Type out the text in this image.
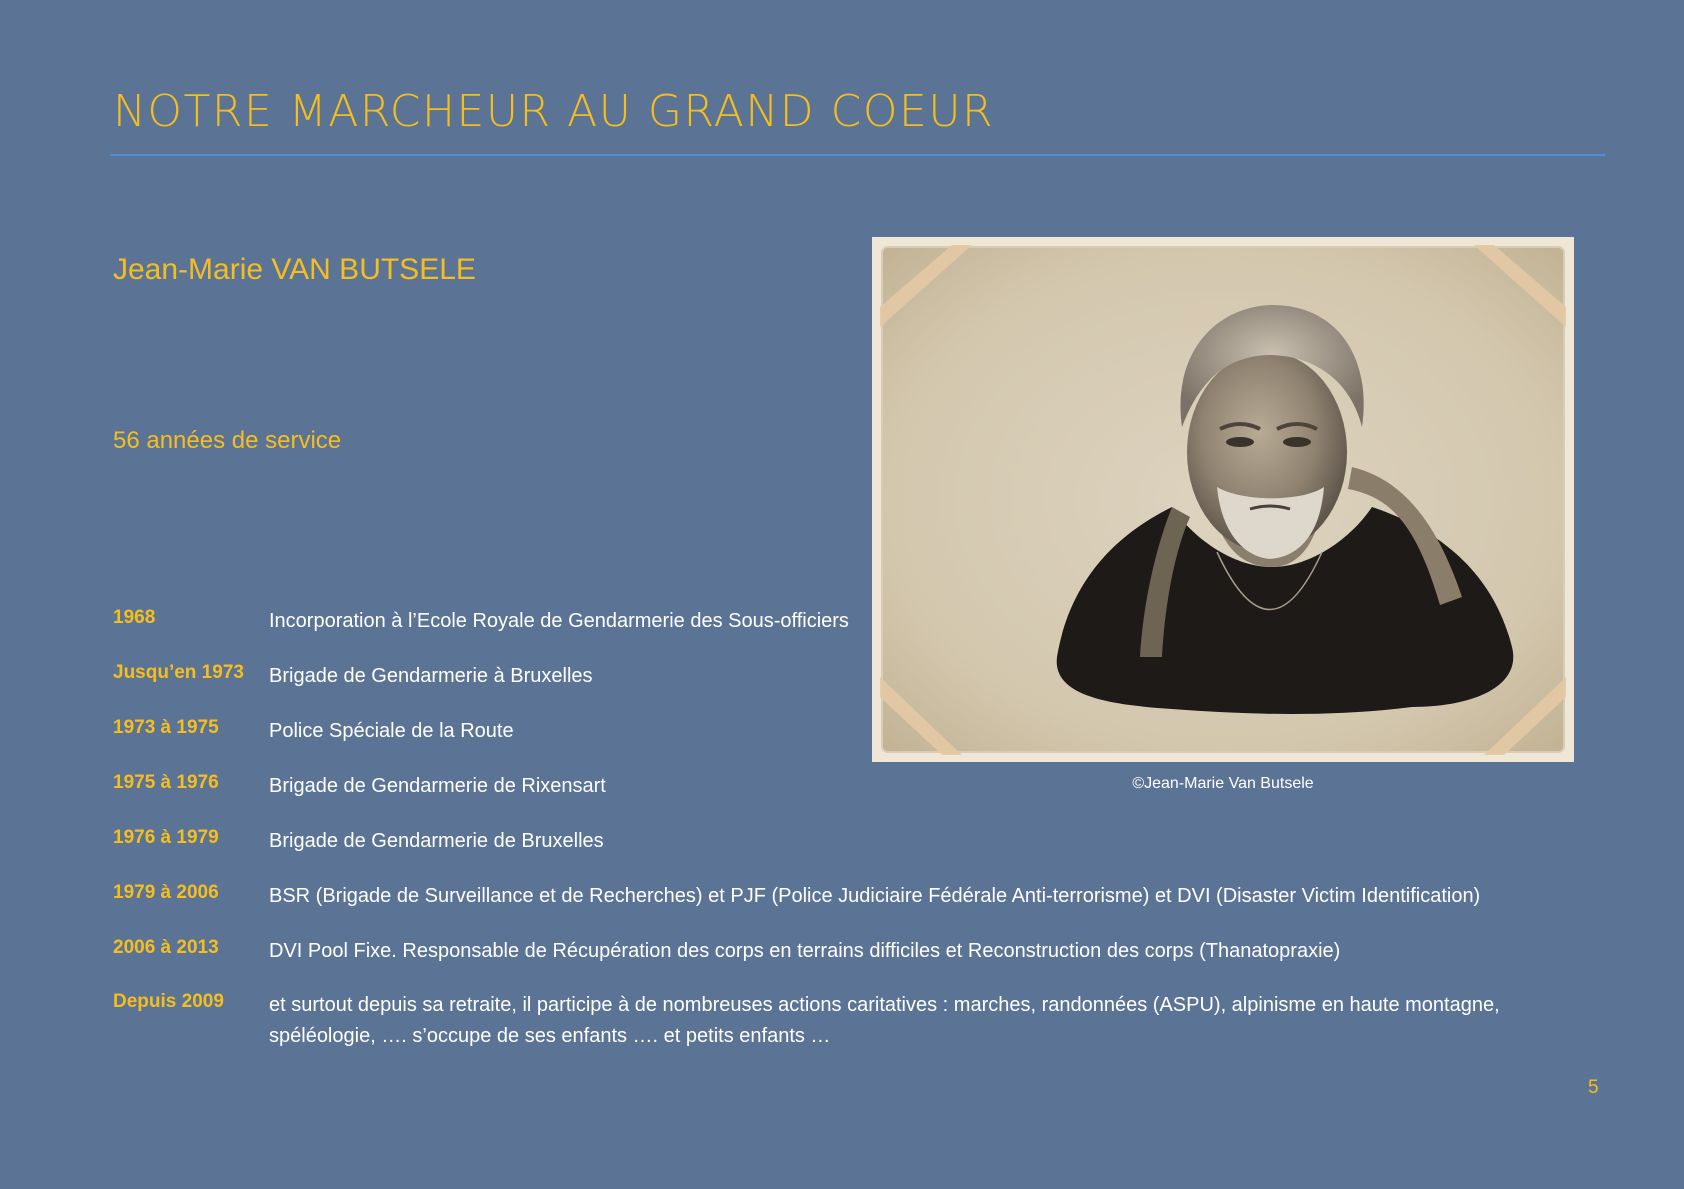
NOTRE MARCHEUR AU GRAND COEUR
Jean-Marie VAN BUTSELE
56 années de service
1968	Incorporation à l’Ecole Royale de Gendarmerie des Sous-officiers
Jusqu’en 1973 Brigade de Gendarmerie à Bruxelles
1973 à 1975	Police Spéciale de la Route
1975 à 1976	Brigade de Gendarmerie de Rixensart
1976 à 1979	Brigade de Gendarmerie de Bruxelles
1979 à 2006	BSR (Brigade de Surveillance et de Recherches) et PJF (Police Judiciaire Fédérale Anti-terrorisme) et DVI (Disaster Victim Identification)
2006 à 2013	DVI Pool Fixe. Responsable de Récupération des corps en terrains difficiles et Reconstruction des corps (Thanatopraxie)
Depuis 2009 et surtout depuis sa retraite, il participe à de nombreuses actions caritatives : marches, randonnées (ASPU), alpinisme en haute montagne, spéléologie, …. s’occupe de ses enfants …. et petits enfants …
©Jean-Marie Van Butsele
5
